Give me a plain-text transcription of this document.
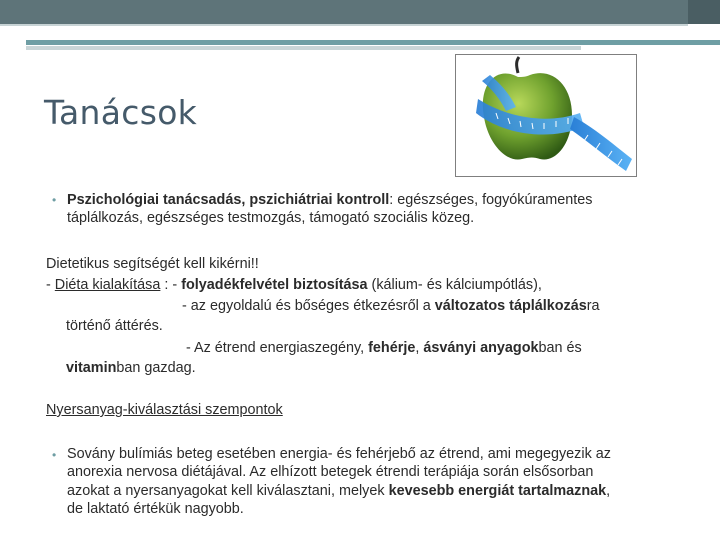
Tanácsok
• Pszichológiai tanácsadás, pszichiátriai kontroll: egészséges, fogyókúramentes
táplálkozás, egészséges testmozgás, támogató szociális közeg.
Dietetikus segítségét kell kikérni!!
- Diéta kialakítása : - folyadékfelvétel biztosítása (kálium- és kálciumpótlás),
- az egyoldalú és bőséges étkezésről a változatos táplálkozásra
történő áttérés.
- Az étrend energiaszegény, fehérje, ásványi anyagokban és
vitaminban gazdag.
Nyersanyag-kiválasztási szempontok
• Sovány bulímiás beteg esetében energia- és fehérjebő az étrend, ami megegyezik az
anorexia nervosa diétájával. Az elhízott betegek étrendi terápiája során elsősorban
azokat a nyersanyagokat kell kiválasztani, melyek kevesebb energiát tartalmaznak,
de laktató értékük nagyobb.
